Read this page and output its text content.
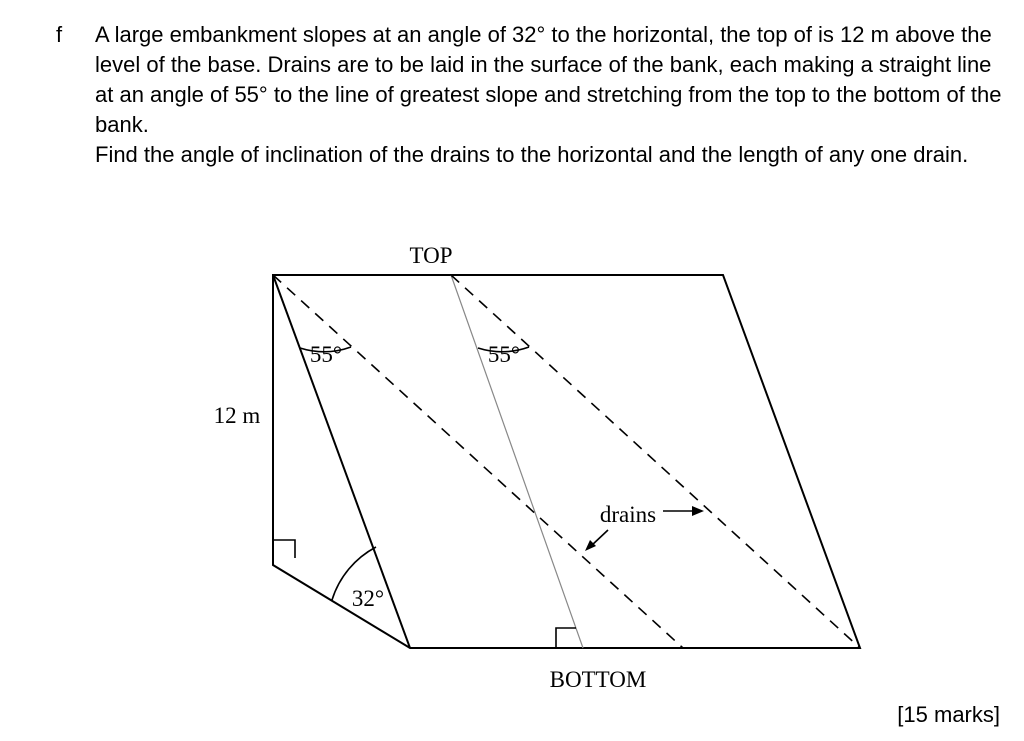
f A large embankment slopes at an angle of 32° to the horizontal, the top of is 12 m above the level of the base. Drains are to be laid in the surface of the bank, each making a straight line at an angle of 55° to the line of greatest slope and stretching from the top to the bottom of the bank.

Find the angle of inclination of the drains to the horizontal and the length of any one drain.

TOP
BOTTOM
12 m
55°	55°
32°
drains
[15 marks]
